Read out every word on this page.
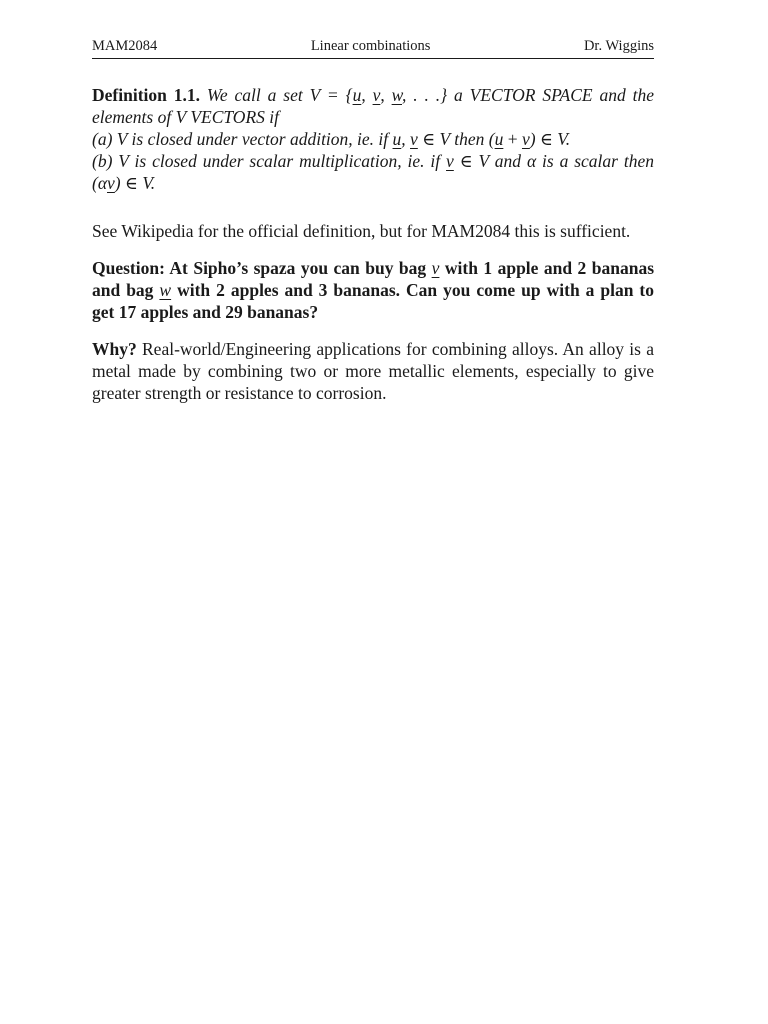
MAM2084	Linear combinations	Dr. Wiggins
Definition 1.1. We call a set V = {u, v, w, . . .} a VECTOR SPACE and the elements of V VECTORS if
(a) V is closed under vector addition, ie. if u, v ∈ V then (u + v) ∈ V.
(b) V is closed under scalar multiplication, ie. if v ∈ V and α is a scalar then (αv) ∈ V.

See Wikipedia for the official definition, but for MAM2084 this is sufficient.

Question: At Sipho’s spaza you can buy bag v with 1 apple and 2 bananas and bag w with 2 apples and 3 bananas. Can you come up with a plan to get 17 apples and 29 bananas?

Why? Real-world/Engineering applications for combining alloys. An alloy is a metal made by combining two or more metallic elements, especially to give greater strength or resistance to corrosion.
